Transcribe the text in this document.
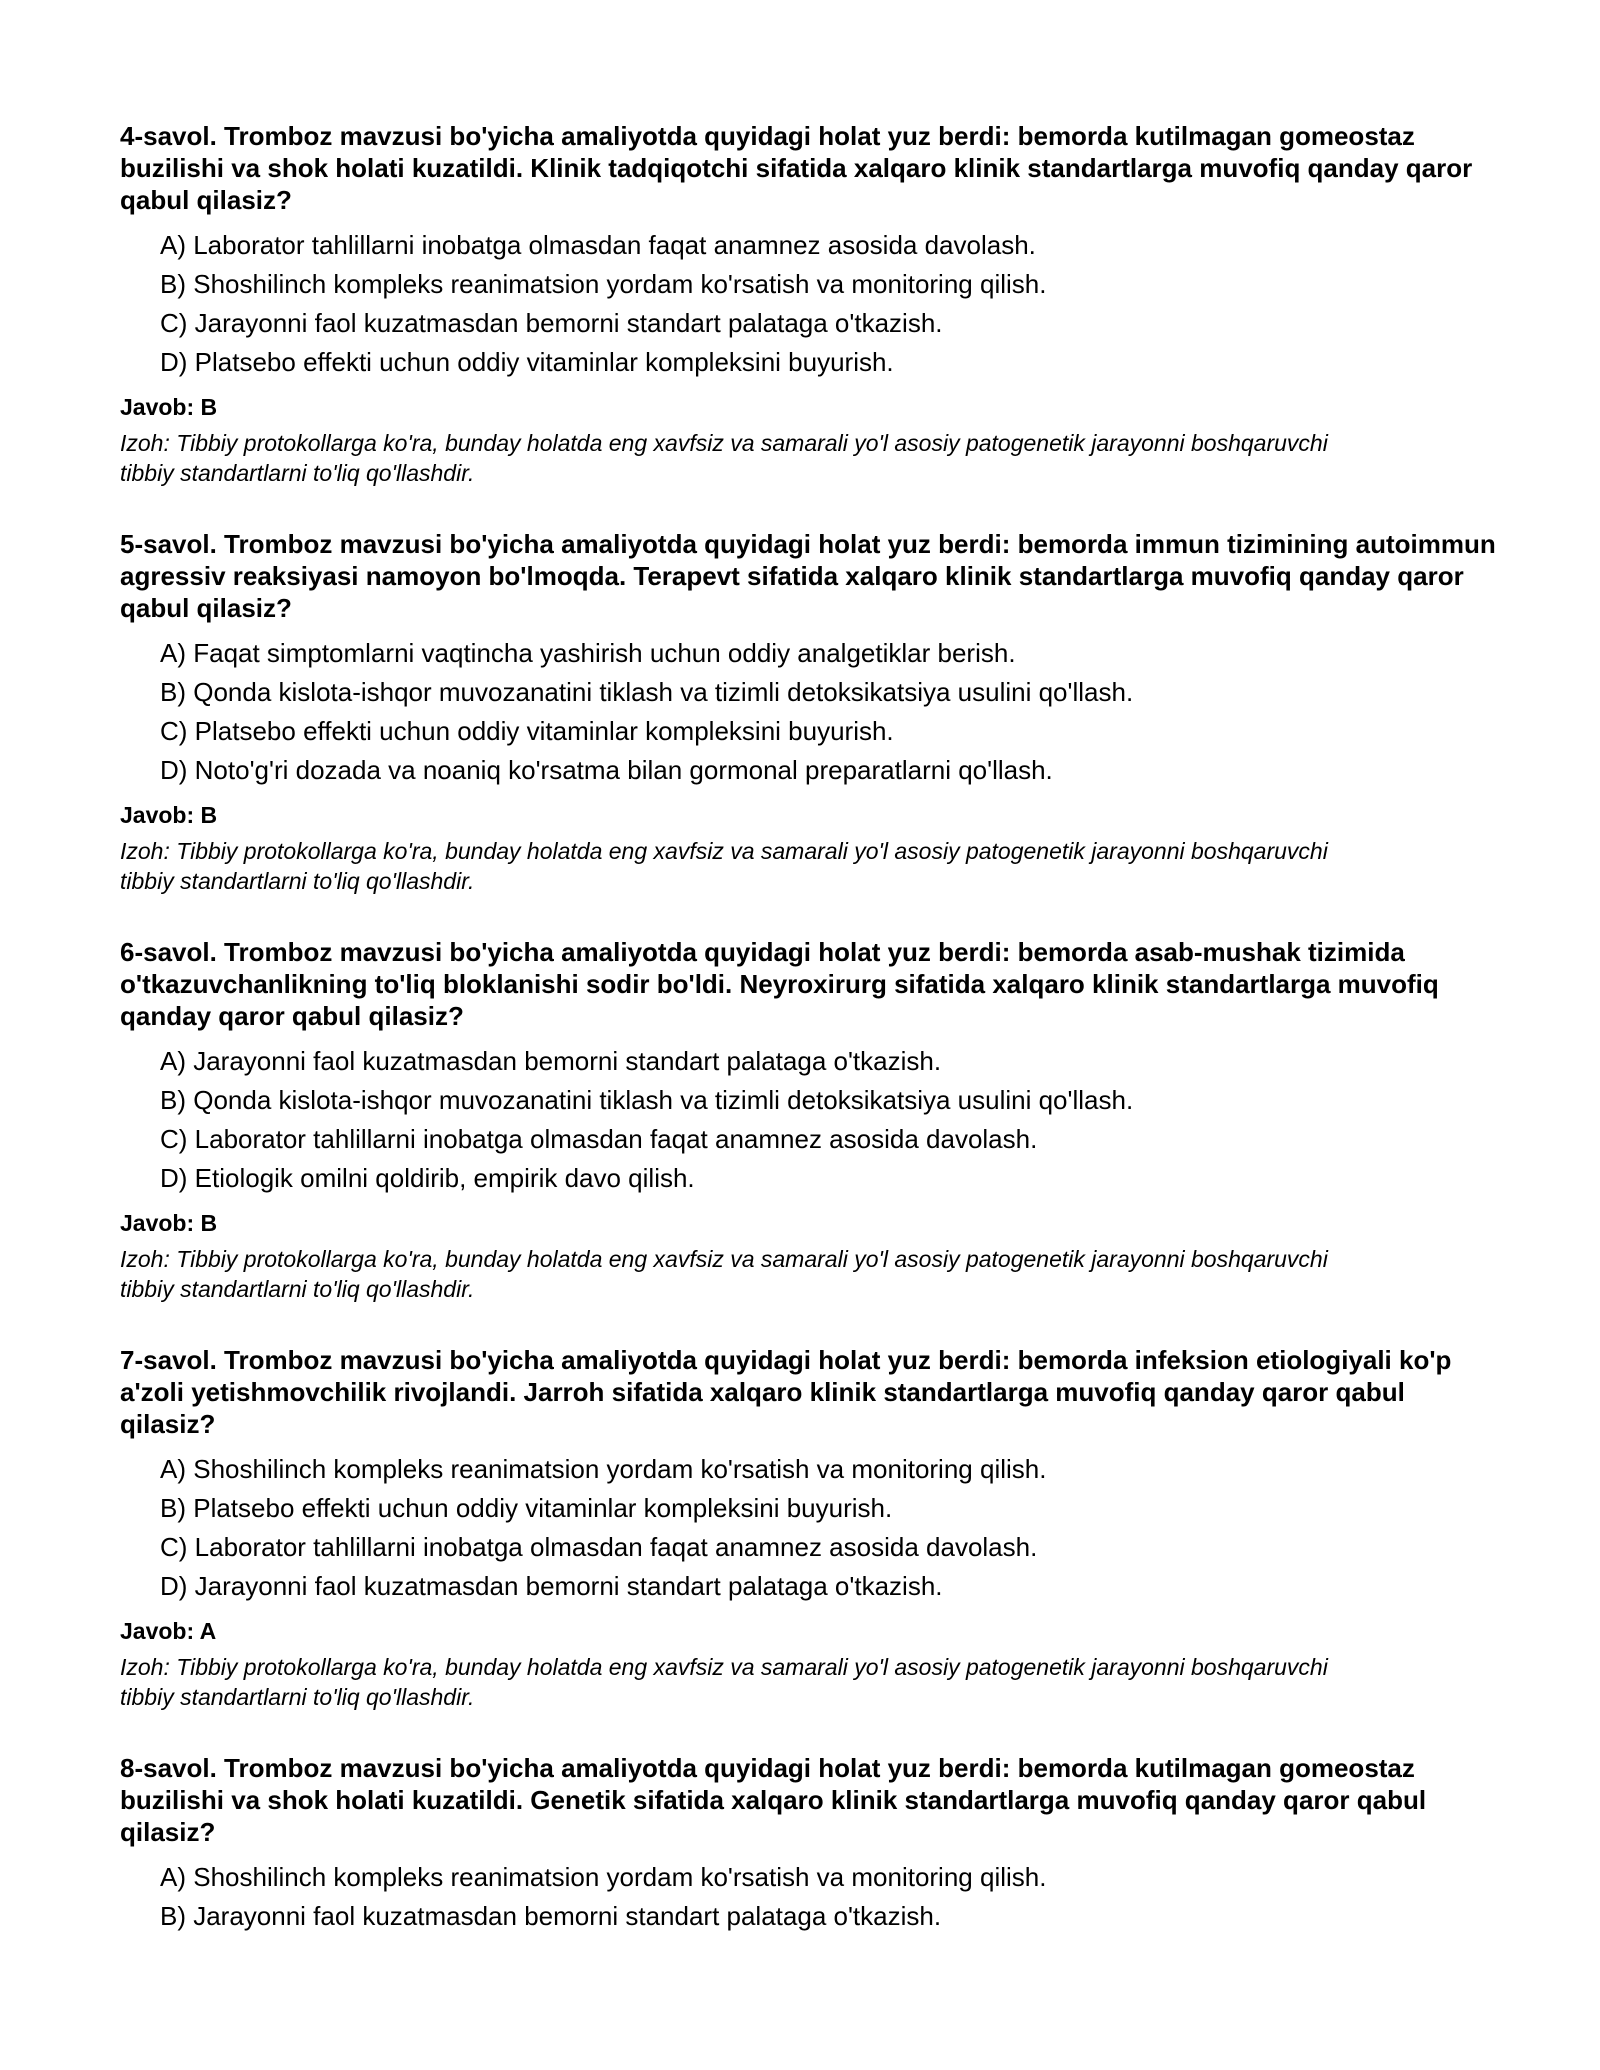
4-savol. Tromboz mavzusi bo'yicha amaliyotda quyidagi holat yuz berdi: bemorda kutilmagan gomeostaz buzilishi va shok holati kuzatildi. Klinik tadqiqotchi sifatida xalqaro klinik standartlarga muvofiq qanday qaror qabul qilasiz?

A) Laborator tahlillarni inobatga olmasdan faqat anamnez asosida davolash.
B) Shoshilinch kompleks reanimatsion yordam ko'rsatish va monitoring qilish.
C) Jarayonni faol kuzatmasdan bemorni standart palataga o'tkazish.
D) Platsebo effekti uchun oddiy vitaminlar kompleksini buyurish.
Javob: B
Izoh: Tibbiy protokollarga ko'ra, bunday holatda eng xavfsiz va samarali yo'l asosiy patogenetik jarayonni boshqaruvchi tibbiy standartlarni to'liq qo'llashdir.

5-savol. Tromboz mavzusi bo'yicha amaliyotda quyidagi holat yuz berdi: bemorda immun tizimining autoimmun agressiv reaksiyasi namoyon bo'lmoqda. Terapevt sifatida xalqaro klinik standartlarga muvofiq qanday qaror qabul qilasiz?

A) Faqat simptomlarni vaqtincha yashirish uchun oddiy analgetiklar berish.
B) Qonda kislota-ishqor muvozanatini tiklash va tizimli detoksikatsiya usulini qo'llash.
C) Platsebo effekti uchun oddiy vitaminlar kompleksini buyurish.
D) Noto'g'ri dozada va noaniq ko'rsatma bilan gormonal preparatlarni qo'llash.
Javob: B
Izoh: Tibbiy protokollarga ko'ra, bunday holatda eng xavfsiz va samarali yo'l asosiy patogenetik jarayonni boshqaruvchi tibbiy standartlarni to'liq qo'llashdir.

6-savol. Tromboz mavzusi bo'yicha amaliyotda quyidagi holat yuz berdi: bemorda asab-mushak tizimida o'tkazuvchanlikning to'liq bloklanishi sodir bo'ldi. Neyroxirurg sifatida xalqaro klinik standartlarga muvofiq qanday qaror qabul qilasiz?

A) Jarayonni faol kuzatmasdan bemorni standart palataga o'tkazish.
B) Qonda kislota-ishqor muvozanatini tiklash va tizimli detoksikatsiya usulini qo'llash.
C) Laborator tahlillarni inobatga olmasdan faqat anamnez asosida davolash.
D) Etiologik omilni qoldirib, empirik davo qilish.
Javob: B
Izoh: Tibbiy protokollarga ko'ra, bunday holatda eng xavfsiz va samarali yo'l asosiy patogenetik jarayonni boshqaruvchi tibbiy standartlarni to'liq qo'llashdir.

7-savol. Tromboz mavzusi bo'yicha amaliyotda quyidagi holat yuz berdi: bemorda infeksion etiologiyali ko'p a'zoli yetishmovchilik rivojlandi. Jarroh sifatida xalqaro klinik standartlarga muvofiq qanday qaror qabul qilasiz?

A) Shoshilinch kompleks reanimatsion yordam ko'rsatish va monitoring qilish.
B) Platsebo effekti uchun oddiy vitaminlar kompleksini buyurish.
C) Laborator tahlillarni inobatga olmasdan faqat anamnez asosida davolash.
D) Jarayonni faol kuzatmasdan bemorni standart palataga o'tkazish.
Javob: A
Izoh: Tibbiy protokollarga ko'ra, bunday holatda eng xavfsiz va samarali yo'l asosiy patogenetik jarayonni boshqaruvchi tibbiy standartlarni to'liq qo'llashdir.

8-savol. Tromboz mavzusi bo'yicha amaliyotda quyidagi holat yuz berdi: bemorda kutilmagan gomeostaz buzilishi va shok holati kuzatildi. Genetik sifatida xalqaro klinik standartlarga muvofiq qanday qaror qabul qilasiz?

A) Shoshilinch kompleks reanimatsion yordam ko'rsatish va monitoring qilish.
B) Jarayonni faol kuzatmasdan bemorni standart palataga o'tkazish.
